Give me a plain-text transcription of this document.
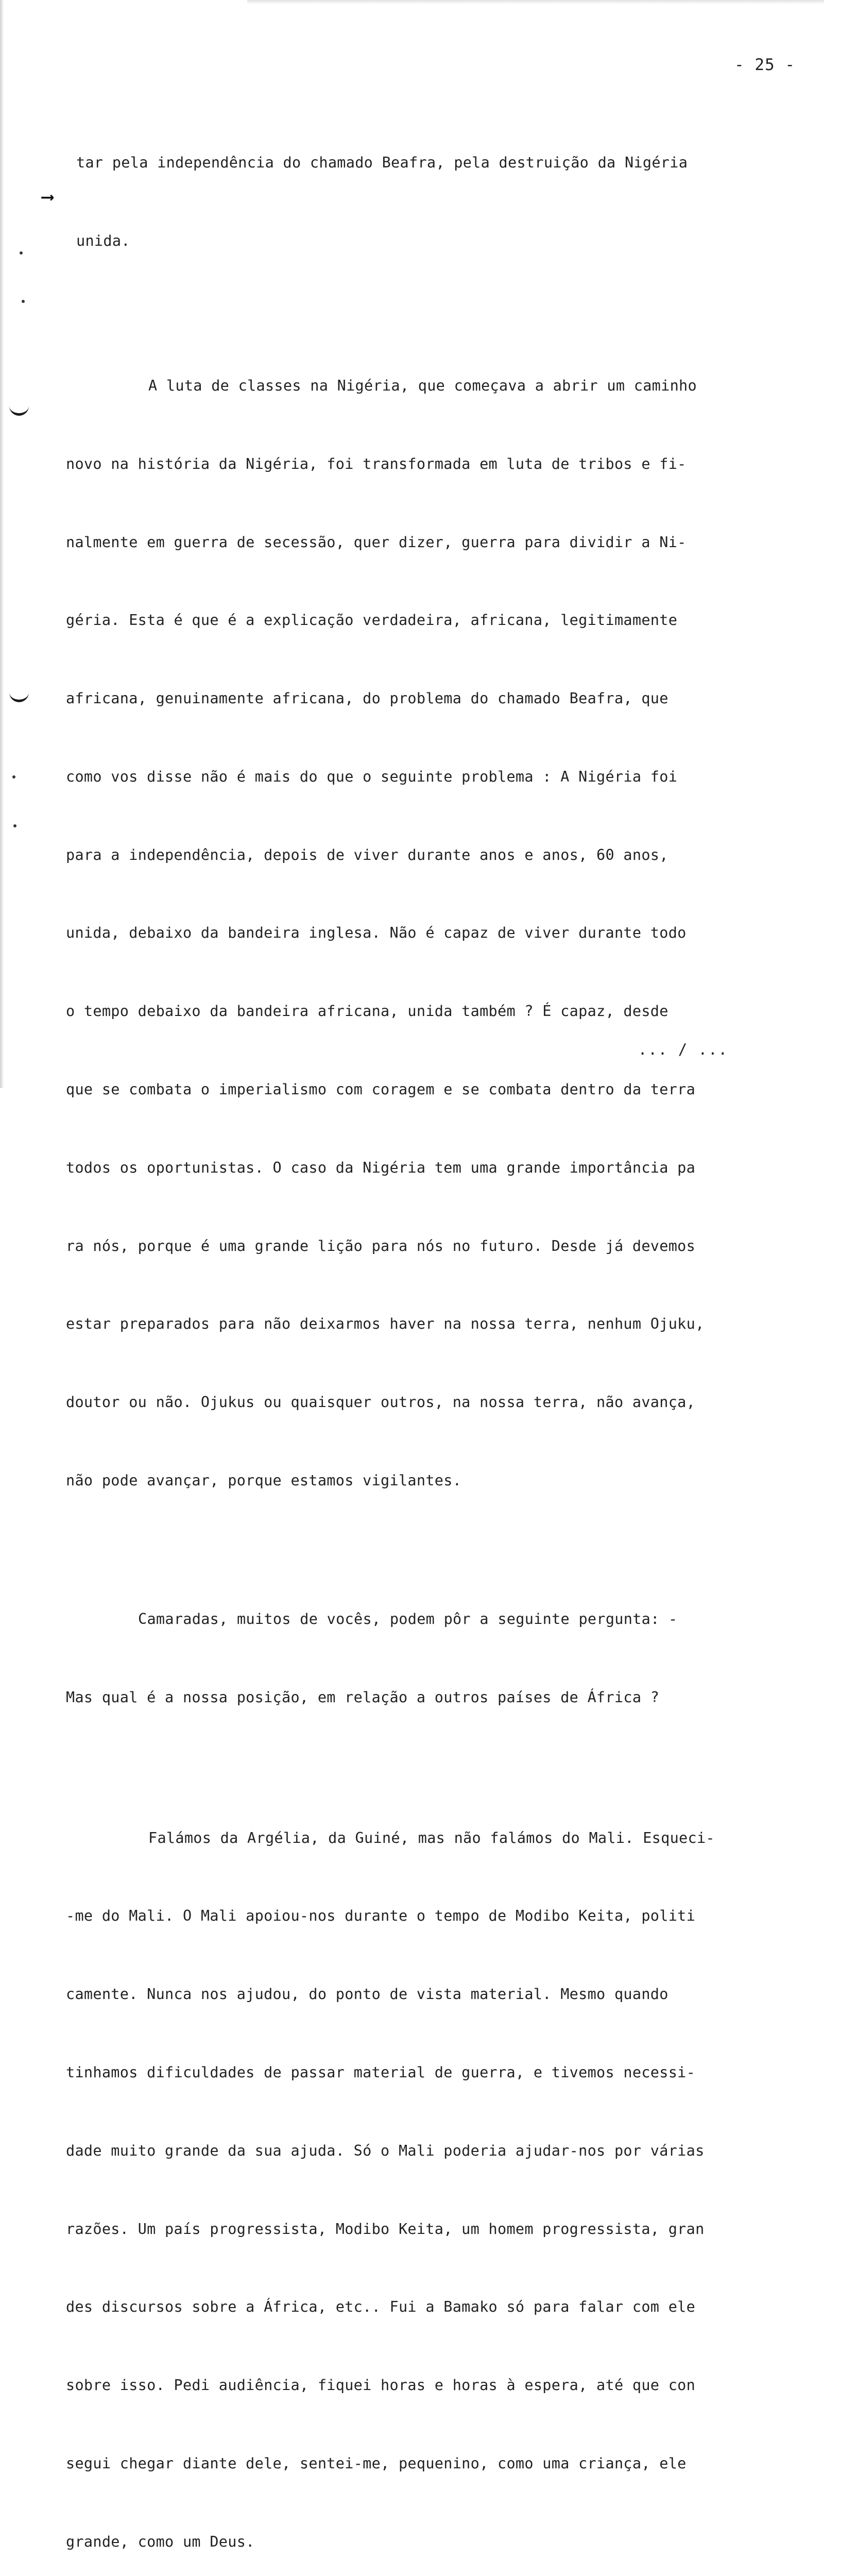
- 25 -
⟶

tar pela independência do chamado Beafra, pela destruição da Nigéria

unida.

A luta de classes na Nigéria, que começava a abrir um caminho

novo na história da Nigéria, foi transformada em luta de tribos e fi-

nalmente em guerra de secessão, quer dizer, guerra para dividir a Ni-

géria. Esta é que é a explicação verdadeira, africana, legitimamente

africana, genuinamente africana, do problema do chamado Beafra, que

como vos disse não é mais do que o seguinte problema : A Nigéria foi

para a independência, depois de viver durante anos e anos, 60 anos,

unida, debaixo da bandeira inglesa. Não é capaz de viver durante todo

o tempo debaixo da bandeira africana, unida também ? É capaz, desde

que se combata o imperialismo com coragem e se combata dentro da terra

todos os oportunistas. O caso da Nigéria tem uma grande importância pa

ra nós, porque é uma grande lição para nós no futuro. Desde já devemos

estar preparados para não deixarmos haver na nossa terra, nenhum Ojuku,

doutor ou não. Ojukus ou quaisquer outros, na nossa terra, não avança,

não pode avançar, porque estamos vigilantes.

Camaradas, muitos de vocês, podem pôr a seguinte pergunta: -

Mas qual é a nossa posição, em relação a outros países de África ?

Falámos da Argélia, da Guiné, mas não falámos do Mali. Esqueci-

-me do Mali. O Mali apoiou-nos durante o tempo de Modibo Keita, politi

camente. Nunca nos ajudou, do ponto de vista material. Mesmo quando

tinhamos dificuldades de passar material de guerra, e tivemos necessi-

dade muito grande da sua ajuda. Só o Mali poderia ajudar-nos por várias

razões. Um país progressista, Modibo Keita, um homem progressista, gran

des discursos sobre a África, etc.. Fui a Bamako só para falar com ele

sobre isso. Pedi audiência, fiquei horas e horas à espera, até que con

segui chegar diante dele, sentei-me, pequenino, como uma criança, ele

grande, como um Deus.

... / ...
